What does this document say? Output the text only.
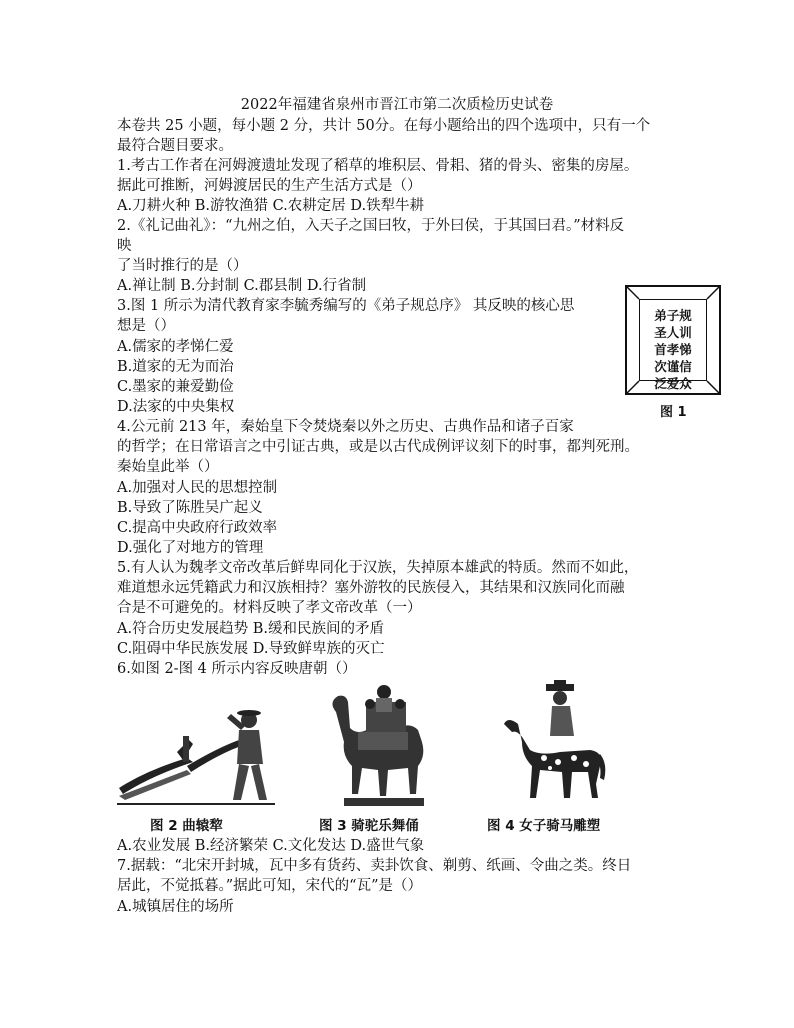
2022年福建省泉州市晋江市第二次质检历史试卷
本卷共 25 小题，每小题 2 分，共计 50分。在每小题给出的四个选项中，只有一个
最符合题目要求。
1.考古工作者在河姆渡遗址发现了稻草的堆积层、骨耜、猪的骨头、密集的房屋。
据此可推断，河姆渡居民的生产生活方式是（）
A.刀耕火种 B.游牧渔猎 C.农耕定居 D.铁犁牛耕
2.《礼记曲礼》：“九州之伯，入天子之国曰牧，于外曰侯，于其国曰君。”材料反
映
了当时推行的是（）
A.禅让制 B.分封制 C.郡县制 D.行省制
3.图 1 所示为清代教育家李毓秀编写的《弟子规总序》 其反映的核心思
想是（）
A.儒家的孝悌仁爱
B.道家的无为而治
C.墨家的兼爱勤俭
D.法家的中央集权
4.公元前 213 年，秦始皇下令焚烧秦以外之历史、古典作品和诸子百家
的哲学；在日常语言之中引证古典，或是以古代成例评议刻下的时事，都判死刑。
秦始皇此举（）
A.加强对人民的思想控制
B.导致了陈胜吴广起义
C.提高中央政府行政效率
D.强化了对地方的管理
5.有人认为魏孝文帝改革后鲜卑同化于汉族，失掉原本雄武的特质。然而不如此，
难道想永远凭籍武力和汉族相持？塞外游牧的民族侵入，其结果和汉族同化而融
合是不可避免的。材料反映了孝文帝改革（一）
A.符合历史发展趋势 B.缓和民族间的矛盾
C.阻碍中华民族发展 D.导致鲜卑族的灭亡
6.如图 2-图 4 所示内容反映唐朝（）
弟子规
圣人训
首孝悌
次谨信
泛爱众
图 1
图 2 曲辕犂	图 3 骑驼乐舞俑	图 4 女子骑马雕塑
A.农业发展 B.经济繁荣 C.文化发达 D.盛世气象
7.据载：“北宋开封城，瓦中多有货药、卖卦饮食、剃剪、纸画、令曲之类。终日
居此，不觉抵暮。”据此可知，宋代的“瓦”是（）
A.城镇居住的场所
